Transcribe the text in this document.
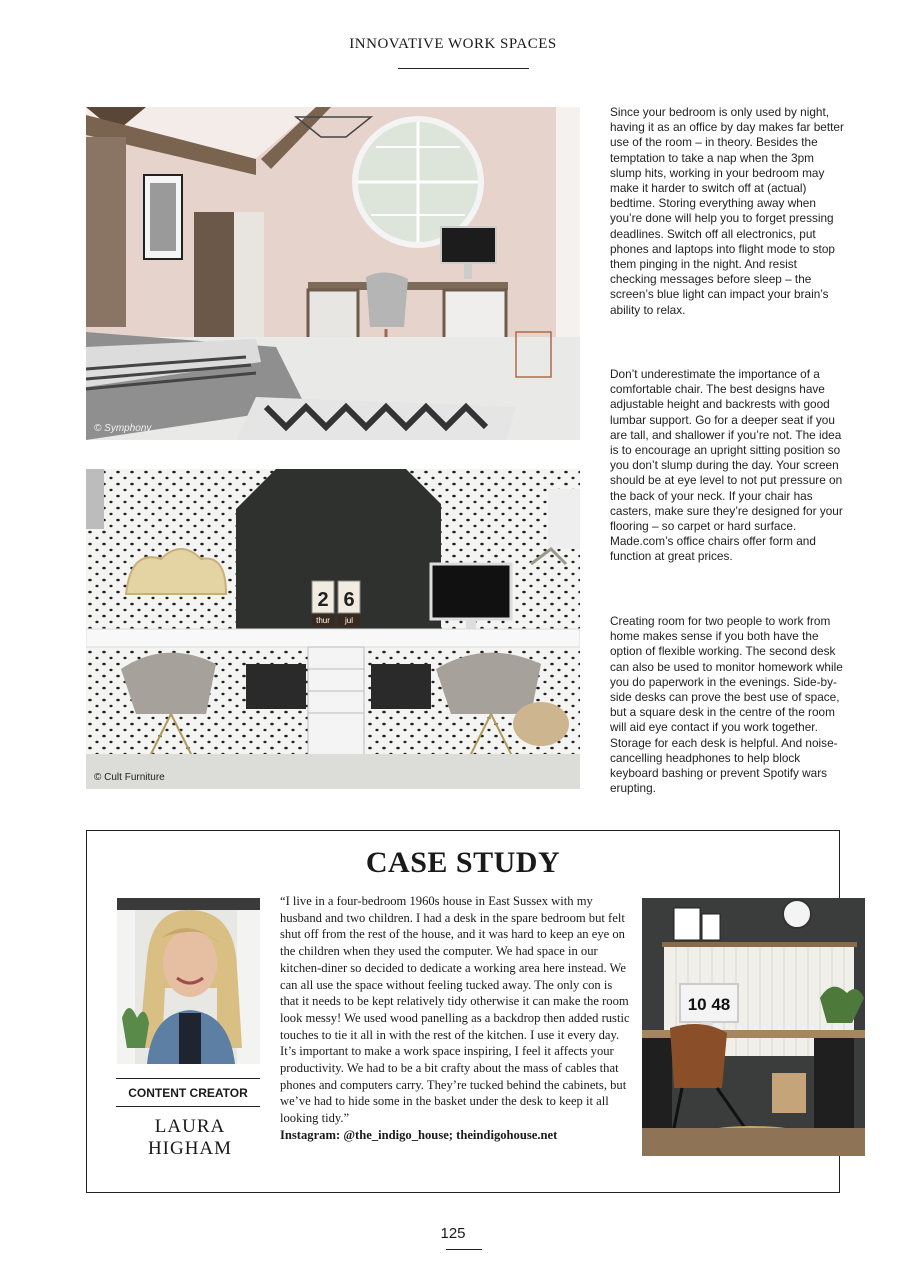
INNOVATIVE WORK SPACES
© Symphony
2 6
thur jul
© Cult Furniture
Since your bedroom is only used by night, having it as an office by day makes far better use of the room – in theory. Besides the temptation to take a nap when the 3pm slump hits, working in your bedroom may make it harder to switch off at (actual) bedtime. Storing everything away when you’re done will help you to forget pressing deadlines. Switch off all electronics, put phones and laptops into flight mode to stop them pinging in the night. And resist checking messages before sleep – the screen’s blue light can impact your brain’s ability to relax.
Don’t underestimate the importance of a comfortable chair. The best designs have adjustable height and backrests with good lumbar support. Go for a deeper seat if you are tall, and shallower if you’re not. The idea is to encourage an upright sitting position so you don’t slump during the day. Your screen should be at eye level to not put pressure on the back of your neck. If your chair has casters, make sure they’re designed for your flooring – so carpet or hard surface. Made.com’s office chairs offer form and function at great prices.
Creating room for two people to work from home makes sense if you both have the option of flexible working. The second desk can also be used to monitor homework while you do paperwork in the evenings. Side-by-side desks can prove the best use of space, but a square desk in the centre of the room will aid eye contact if you work together. Storage for each desk is helpful. And noise-cancelling headphones to help block keyboard bashing or prevent Spotify wars erupting.
CASE STUDY
CONTENT CREATOR
LAURA HIGHAM
“I live in a four-bedroom 1960s house in East Sussex with my husband and two children. I had a desk in the spare bedroom but felt shut off from the rest of the house, and it was hard to keep an eye on the children when they used the computer. We had space in our kitchen-diner so decided to dedicate a working area here instead. We can all use the space without feeling tucked away. The only con is that it needs to be kept relatively tidy otherwise it can make the room look messy! We used wood panelling as a backdrop then added rustic touches to tie it all in with the rest of the kitchen. I use it every day. It’s important to make a work space inspiring, I feel it affects your productivity. We had to be a bit crafty about the mass of cables that phones and computers carry. They’re tucked behind the cabinets, but we’ve had to hide some in the basket under the desk to keep it all looking tidy.”
Instagram: @the_indigo_house; theindigohouse.net
10 48
125
